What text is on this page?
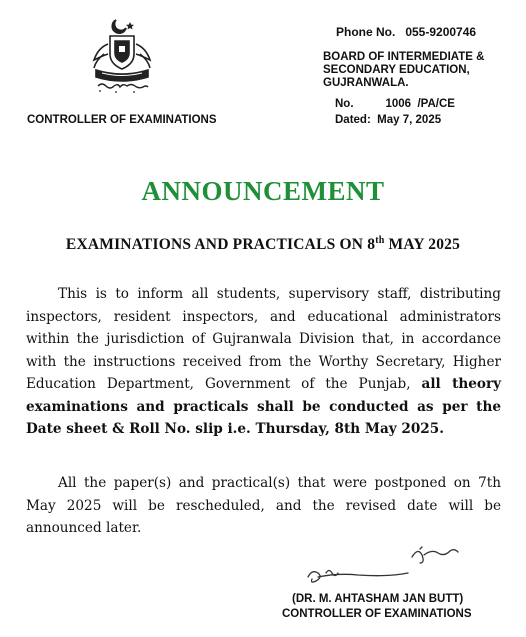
Phone No.   055-9200746
BOARD OF INTERMEDIATE &
SECONDARY EDUCATION,
GUJRANWALA.
No.          1006  /PA/CE
Dated:  May 7, 2025
CONTROLLER OF EXAMINATIONS
ANNOUNCEMENT
EXAMINATIONS AND PRACTICALS ON 8th MAY 2025
This is to inform all students, supervisory staff, distributing inspectors, resident inspectors, and educational administrators within the jurisdiction of Gujranwala Division that, in accordance with the instructions received from the Worthy Secretary, Higher Education Department, Government of the Punjab, all theory examinations and practicals shall be conducted as per the Date sheet & Roll No. slip i.e. Thursday, 8th May 2025.
All the paper(s) and practical(s) that were postponed on 7th May 2025 will be rescheduled, and the revised date will be announced later.
(DR. M. AHTASHAM JAN BUTT)
CONTROLLER OF EXAMINATIONS
